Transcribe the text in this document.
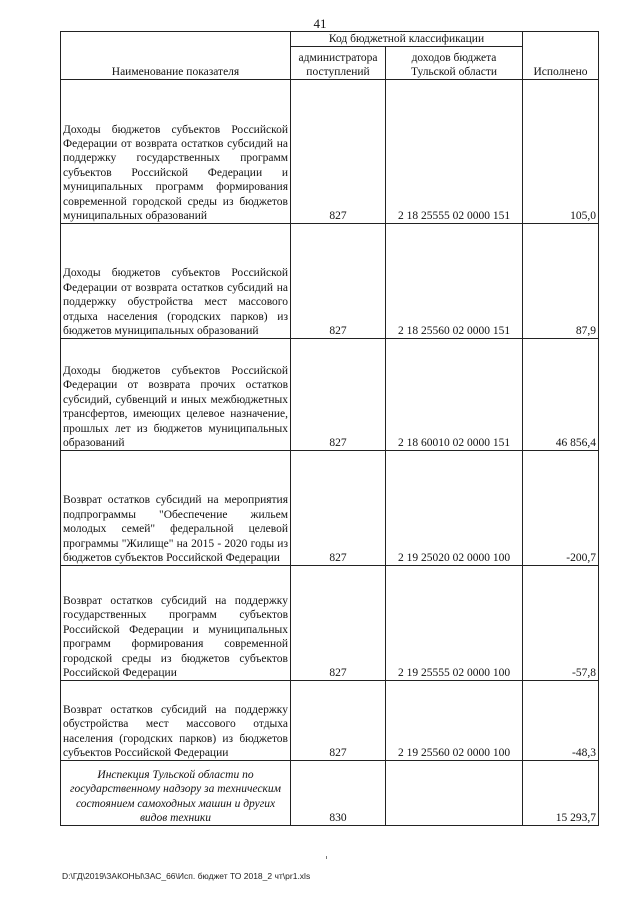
41
Наименование показателя	Код бюджетной классификации		Исполнено
	администратора поступлений	доходов бюджета Тульской области	
Доходы бюджетов субъектов Российской Федерации от возврата остатков субсидий на поддержку государственных программ субъектов Российской Федерации и муниципальных программ формирования современной городской среды из бюджетов муниципальных образований	827	2 18 25555 02 0000 151	105,0
Доходы бюджетов субъектов Российской Федерации от возврата остатков субсидий на поддержку обустройства мест массового отдыха населения (городских парков) из бюджетов муниципальных образований	827	2 18 25560 02 0000 151	87,9
Доходы бюджетов субъектов Российской Федерации от возврата прочих остатков субсидий, субвенций и иных межбюджетных трансфертов, имеющих целевое назначение, прошлых лет из бюджетов муниципальных образований	827	2 18 60010 02 0000 151	46 856,4
Возврат остатков субсидий на мероприятия подпрограммы "Обеспечение жильем молодых семей" федеральной целевой программы "Жилище" на 2015 - 2020 годы из бюджетов субъектов Российской Федерации	827	2 19 25020 02 0000 100	-200,7
Возврат остатков субсидий на поддержку государственных программ субъектов Российской Федерации и муниципальных программ формирования современной городской среды из бюджетов субъектов Российской Федерации	827	2 19 25555 02 0000 100	-57,8
Возврат остатков субсидий на поддержку обустройства мест массового отдыха населения (городских парков) из бюджетов субъектов Российской Федерации	827	2 19 25560 02 0000 100	-48,3
Инспекция Тульской области по государственному надзору за техническим состоянием самоходных машин и других видов техники	830		15 293,7
D:\ГД\2019\ЗАКОНЫ\ЗАС_66\Исп. бюджет ТО 2018_2 чт\pr1.xls
